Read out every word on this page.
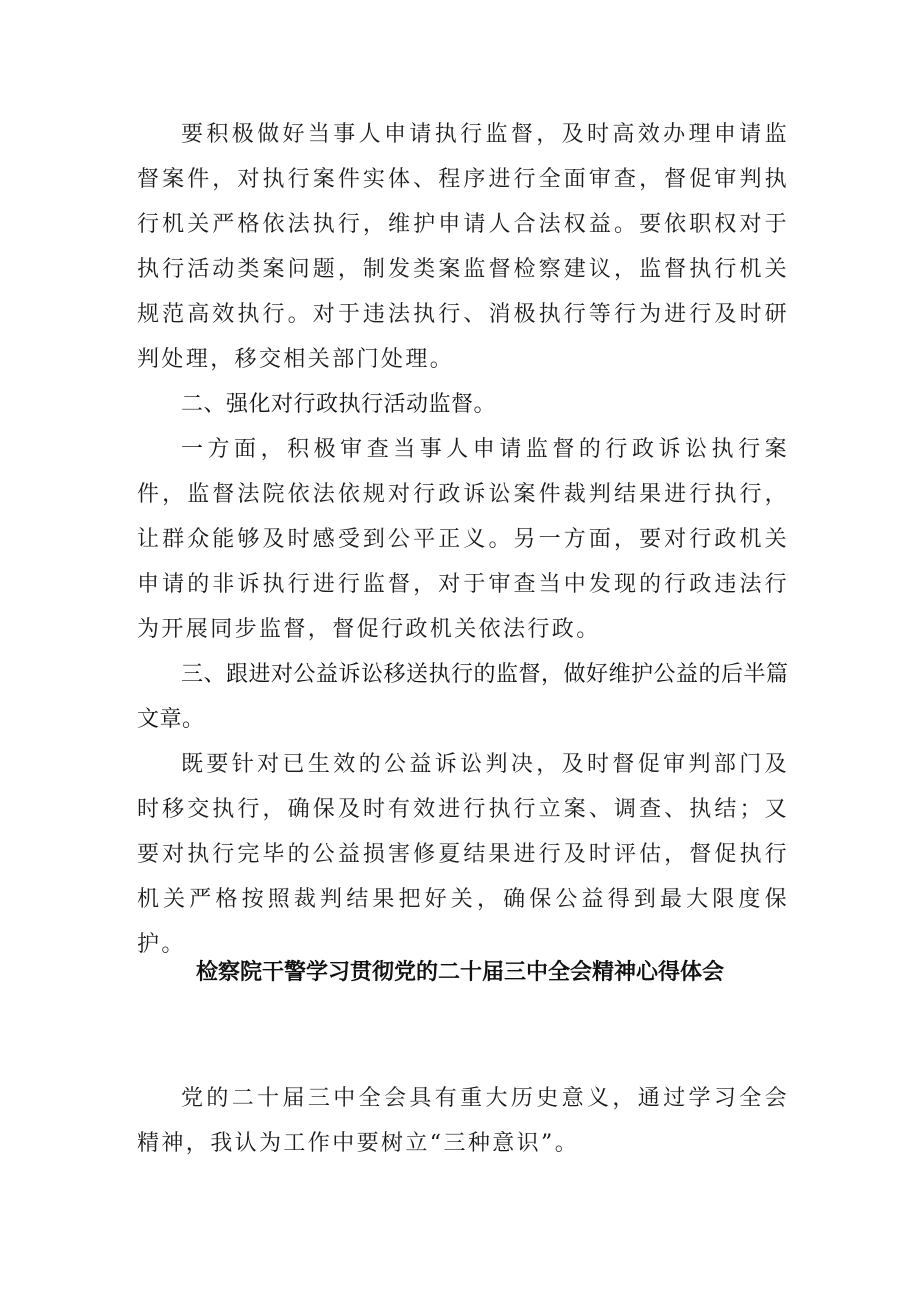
要积极做好当事人申请执行监督，及时高效办理申请监督案件，对执行案件实体、程序进行全面审查，督促审判执行机关严格依法执行，维护申请人合法权益。要依职权对于执行活动类案问题，制发类案监督检察建议，监督执行机关规范高效执行。对于违法执行、消极执行等行为进行及时研判处理，移交相关部门处理。

二、强化对行政执行活动监督。

一方面，积极审查当事人申请监督的行政诉讼执行案件，监督法院依法依规对行政诉讼案件裁判结果进行执行，让群众能够及时感受到公平正义。另一方面，要对行政机关申请的非诉执行进行监督，对于审查当中发现的行政违法行为开展同步监督，督促行政机关依法行政。

三、跟进对公益诉讼移送执行的监督，做好维护公益的后半篇文章。

既要针对已生效的公益诉讼判决，及时督促审判部门及时移交执行，确保及时有效进行执行立案、调查、执结；又要对执行完毕的公益损害修夏结果进行及时评估，督促执行机关严格按照裁判结果把好关，确保公益得到最大限度保护。

检察院干警学习贯彻党的二十届三中全会精神心得体会

党的二十届三中全会具有重大历史意义，通过学习全会精神，我认为工作中要树立“三种意识”。
